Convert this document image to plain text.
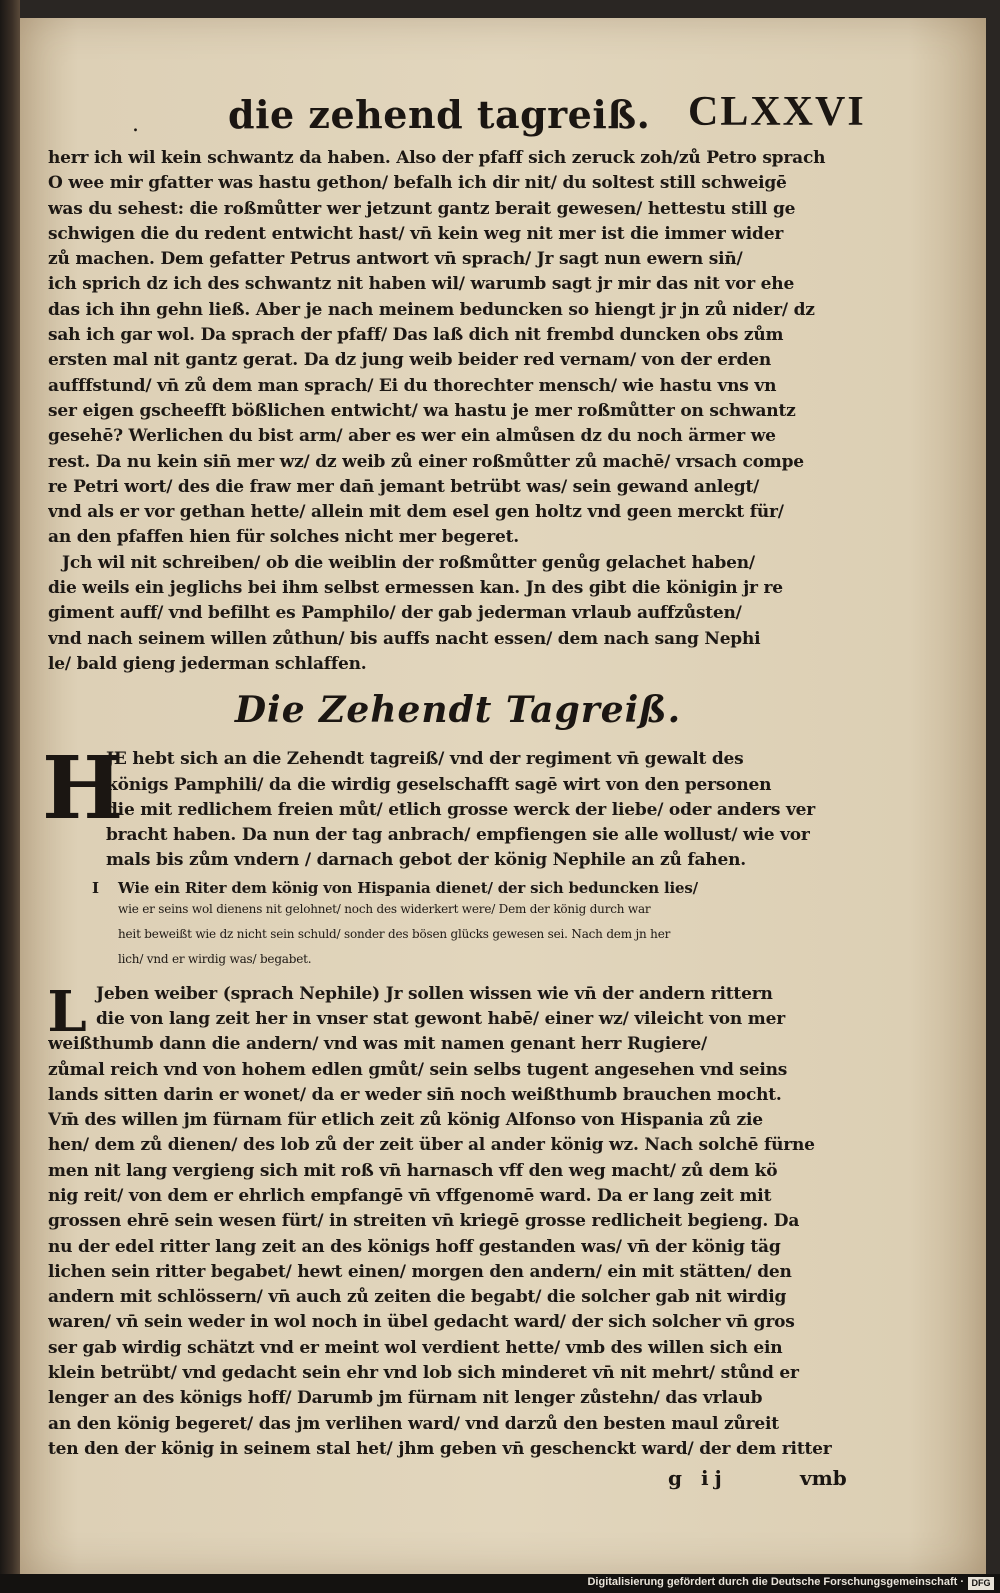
. die zehend tagreiß. CLXXVI
herr ich wil kein schwantz da haben. Also der pfaff sich zeruck zoh/zů Petro sprach
O wee mir gfatter was hastu gethon/ befalh ich dir nit/ du soltest still schweigē
was du sehest: die roßmůtter wer jetzunt gantz berait gewesen/ hettestu still ge
schwigen die du redent entwicht hast/ vn̄ kein weg nit mer ist die immer wider
zů machen. Dem gefatter Petrus antwort vn̄ sprach/ Jr sagt nun ewern sin̄/
ich sprich dz ich des schwantz nit haben wil/ warumb sagt jr mir das nit vor ehe
das ich ihn gehn ließ. Aber je nach meinem beduncken so hiengt jr jn zů nider/ dz
sah ich gar wol. Da sprach der pfaff/ Das laß dich nit frembd duncken obs zům
ersten mal nit gantz gerat. Da dz jung weib beider red vernam/ von der erden
aufffstund/ vn̄ zů dem man sprach/ Ei du thorechter mensch/ wie hastu vns vn
ser eigen gscheefft bößlichen entwicht/ wa hastu je mer roßmůtter on schwantz
gesehē? Werlichen du bist arm/ aber es wer ein almůsen dz du noch ärmer we
rest. Da nu kein sin̄ mer wz/ dz weib zů einer roßmůtter zů machē/ vrsach compe
re Petri wort/ des die fraw mer dan̄ jemant betrübt was/ sein gewand anlegt/
vnd als er vor gethan hette/ allein mit dem esel gen holtz vnd geen merckt für/
an den pfaffen hien für solches nicht mer begeret.
Jch wil nit schreiben/ ob die weiblin der roßmůtter genůg gelachet haben/
die weils ein jeglichs bei ihm selbst ermessen kan. Jn des gibt die königin jr re
giment auff/ vnd befilht es Pamphilo/ der gab jederman vrlaub auffzůsten/
vnd nach seinem willen zůthun/ bis auffs nacht essen/ dem nach sang Nephi
le/ bald gieng jederman schlaffen.
Die Zehendt Tagreiß.
H
JE hebt sich an die Zehendt tagreiß/ vnd der regiment vn̄ gewalt des
königs Pamphili/ da die wirdig geselschafft sagē wirt von den personen
die mit redlichem freien můt/ etlich grosse werck der liebe/ oder anders ver
bracht haben. Da nun der tag anbrach/ empfiengen sie alle wollust/ wie vor
mals bis zům vndern / darnach gebot der könig Nephile an zů fahen.
I Wie ein Riter dem könig von Hispania dienet/ der sich beduncken lies/
wie er seins wol dienens nit gelohnet/ noch des widerkert were/ Dem der könig durch war
heit beweißt wie dz nicht sein schuld/ sonder des bösen glücks gewesen sei. Nach dem jn her
lich/ vnd er wirdig was/ begabet.
L Jeben weiber (sprach Nephile) Jr sollen wissen wie vn̄ der andern rittern
die von lang zeit her in vnser stat gewont habē/ einer wz/ vileicht von mer
weißthumb dann die andern/ vnd was mit namen genant herr Rugiere/
zůmal reich vnd von hohem edlen gmůt/ sein selbs tugent angesehen vnd seins
lands sitten darin er wonet/ da er weder sin̄ noch weißthumb brauchen mocht.
Vm̄ des willen jm fürnam für etlich zeit zů könig Alfonso von Hispania zů zie
hen/ dem zů dienen/ des lob zů der zeit über al ander könig wz. Nach solchē fürne
men nit lang vergieng sich mit roß vn̄ harnasch vff den weg macht/ zů dem kö
nig reit/ von dem er ehrlich empfangē vn̄ vffgenomē ward. Da er lang zeit mit
grossen ehrē sein wesen fürt/ in streiten vn̄ kriegē grosse redlicheit begieng. Da
nu der edel ritter lang zeit an des königs hoff gestanden was/ vn̄ der könig täg
lichen sein ritter begabet/ hewt einen/ morgen den andern/ ein mit stätten/ den
andern mit schlössern/ vn̄ auch zů zeiten die begabt/ die solcher gab nit wirdig
waren/ vn̄ sein weder in wol noch in übel gedacht ward/ der sich solcher vn̄ gros
ser gab wirdig schätzt vnd er meint wol verdient hette/ vmb des willen sich ein
klein betrübt/ vnd gedacht sein ehr vnd lob sich minderet vn̄ nit mehrt/ stůnd er
lenger an des königs hoff/ Darumb jm fürnam nit lenger zůstehn/ das vrlaub
an den könig begeret/ das jm verlihen ward/ vnd darzů den besten maul zůreit
ten den der könig in seinem stal het/ jhm geben vn̄ geschenckt ward/ der dem ritter
g ij	vmb
Digitalisierung gefördert durch die Deutsche Forschungsgemeinschaft · DFG
